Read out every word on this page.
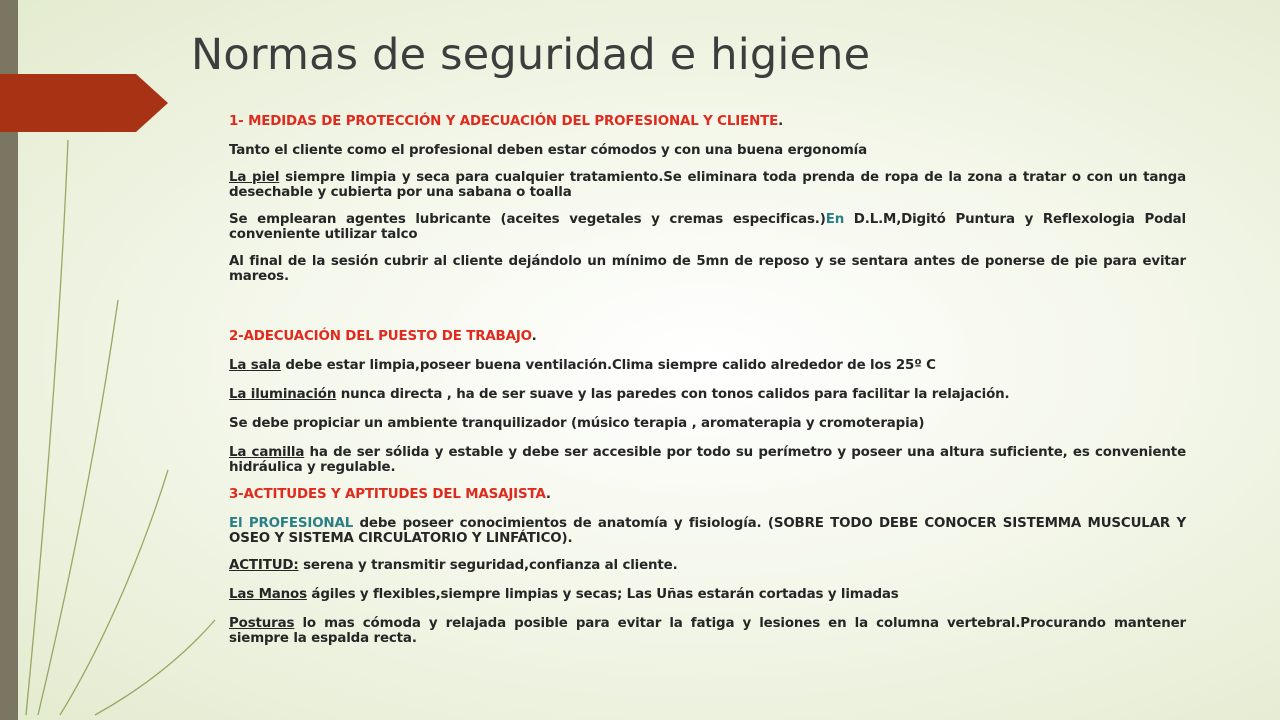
Normas de seguridad e higiene

1- MEDIDAS DE PROTECCIÓN Y ADECUACIÓN DEL PROFESIONAL Y CLIENTE.

Tanto el cliente como el profesional deben estar cómodos y con una buena ergonomía

La piel siempre limpia y seca para cualquier tratamiento.Se eliminara toda prenda de ropa de la zona a tratar o con un tanga desechable y cubierta por una sabana o toalla

Se emplearan agentes lubricante (aceites vegetales y cremas especificas.)En D.L.M,Digitó Puntura y Reflexologia Podal conveniente utilizar talco

Al final de la sesión cubrir al cliente dejándolo un mínimo de 5mn de reposo y se sentara antes de ponerse de pie para evitar mareos.

2-ADECUACIÓN DEL PUESTO DE TRABAJO.

La sala debe estar limpia,poseer buena ventilación.Clima siempre calido alrededor de los 25º C

La iluminación nunca directa , ha de ser suave y las paredes con tonos calidos para facilitar la relajación.

Se debe propiciar un ambiente tranquilizador (músico terapia , aromaterapia y cromoterapia)

La camilla ha de ser sólida y estable y debe ser accesible por todo su perímetro y poseer una altura suficiente, es conveniente hidráulica y regulable.

3-ACTITUDES Y APTITUDES DEL MASAJISTA.

El PROFESIONAL debe poseer conocimientos de anatomía y fisiología. (SOBRE TODO DEBE CONOCER SISTEMMA MUSCULAR Y OSEO Y SISTEMA CIRCULATORIO Y LINFÁTICO).

ACTITUD: serena y transmitir seguridad,confianza al cliente.

Las Manos ágiles y flexibles,siempre limpias y secas; Las Uñas estarán cortadas y limadas

Posturas lo mas cómoda y relajada posible para evitar la fatiga y lesiones en la columna vertebral.Procurando mantener siempre la espalda recta.
